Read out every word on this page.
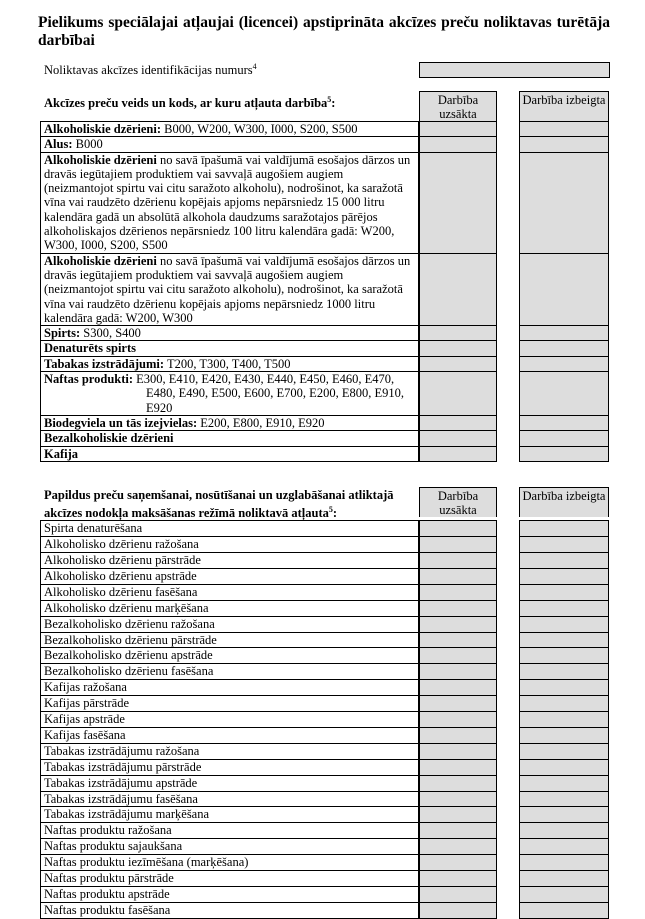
Pielikums speciālajai atļaujai (licencei) apstiprināta akcīzes preču noliktavas turētāja darbībai
Noliktavas akcīzes identifikācijas numurs$^4$
Akcīzes preču veids un kods, ar kuru atļauta darbība$^5$:	Darbība uzsākta
Darbība izbeigta
Alkoholiskie dzērieni: B000, W200, W300, I000, S200, S500
Alus: B000
Alkoholiskie dzērieni no savā īpašumā vai valdījumā esošajos dārzos un dravās iegūtajiem produktiem vai savvaļā augošiem augiem (neizmantojot spirtu vai citu saražoto alkoholu), nodrošinot, ka saražotā vīna vai raudzēto dzērienu kopējais apjoms nepārsniedz 15 000 litru kalendāra gadā un absolūtā alkohola daudzums saražotajos pārējos alkoholiskajos dzērienos nepārsniedz 100 litru kalendāra gadā: W200, W300, I000, S200, S500
Alkoholiskie dzērieni no savā īpašumā vai valdījumā esošajos dārzos un dravās iegūtajiem produktiem vai savvaļā augošiem augiem (neizmantojot spirtu vai citu saražoto alkoholu), nodrošinot, ka saražotā vīna vai raudzēto dzērienu kopējais apjoms nepārsniedz 1000 litru kalendāra gadā: W200, W300
Spirts: S300, S400
Denaturēts spirts
Tabakas izstrādājumi: T200, T300, T400, T500
Naftas produkti: E300, E410, E420, E430, E440, E450, E460, E470,
E480, E490, E500, E600, E700, E200, E800, E910,
E920
Biodegviela un tās izejvielas: E200, E800, E910, E920
Bezalkoholiskie dzērieni
Kafija
Papildus preču saņemšanai, nosūtīšanai un uzglabāšanai atliktajā akcīzes nodokļa maksāšanas režīmā noliktavā atļauta$^5$:
Darbība uzsākta
Darbība izbeigta
Spirta denaturēšana
Alkoholisko dzērienu ražošana
Alkoholisko dzērienu pārstrāde
Alkoholisko dzērienu apstrāde
Alkoholisko dzērienu fasēšana
Alkoholisko dzērienu marķēšana
Bezalkoholisko dzērienu ražošana
Bezalkoholisko dzērienu pārstrāde
Bezalkoholisko dzērienu apstrāde
Bezalkoholisko dzērienu fasēšana
Kafijas ražošana
Kafijas pārstrāde
Kafijas apstrāde
Kafijas fasēšana
Tabakas izstrādājumu ražošana
Tabakas izstrādājumu pārstrāde
Tabakas izstrādājumu apstrāde
Tabakas izstrādājumu fasēšana
Tabakas izstrādājumu marķēšana
Naftas produktu ražošana
Naftas produktu sajaukšana
Naftas produktu iezīmēšana (marķēšana)
Naftas produktu pārstrāde
Naftas produktu apstrāde
Naftas produktu fasēšana
